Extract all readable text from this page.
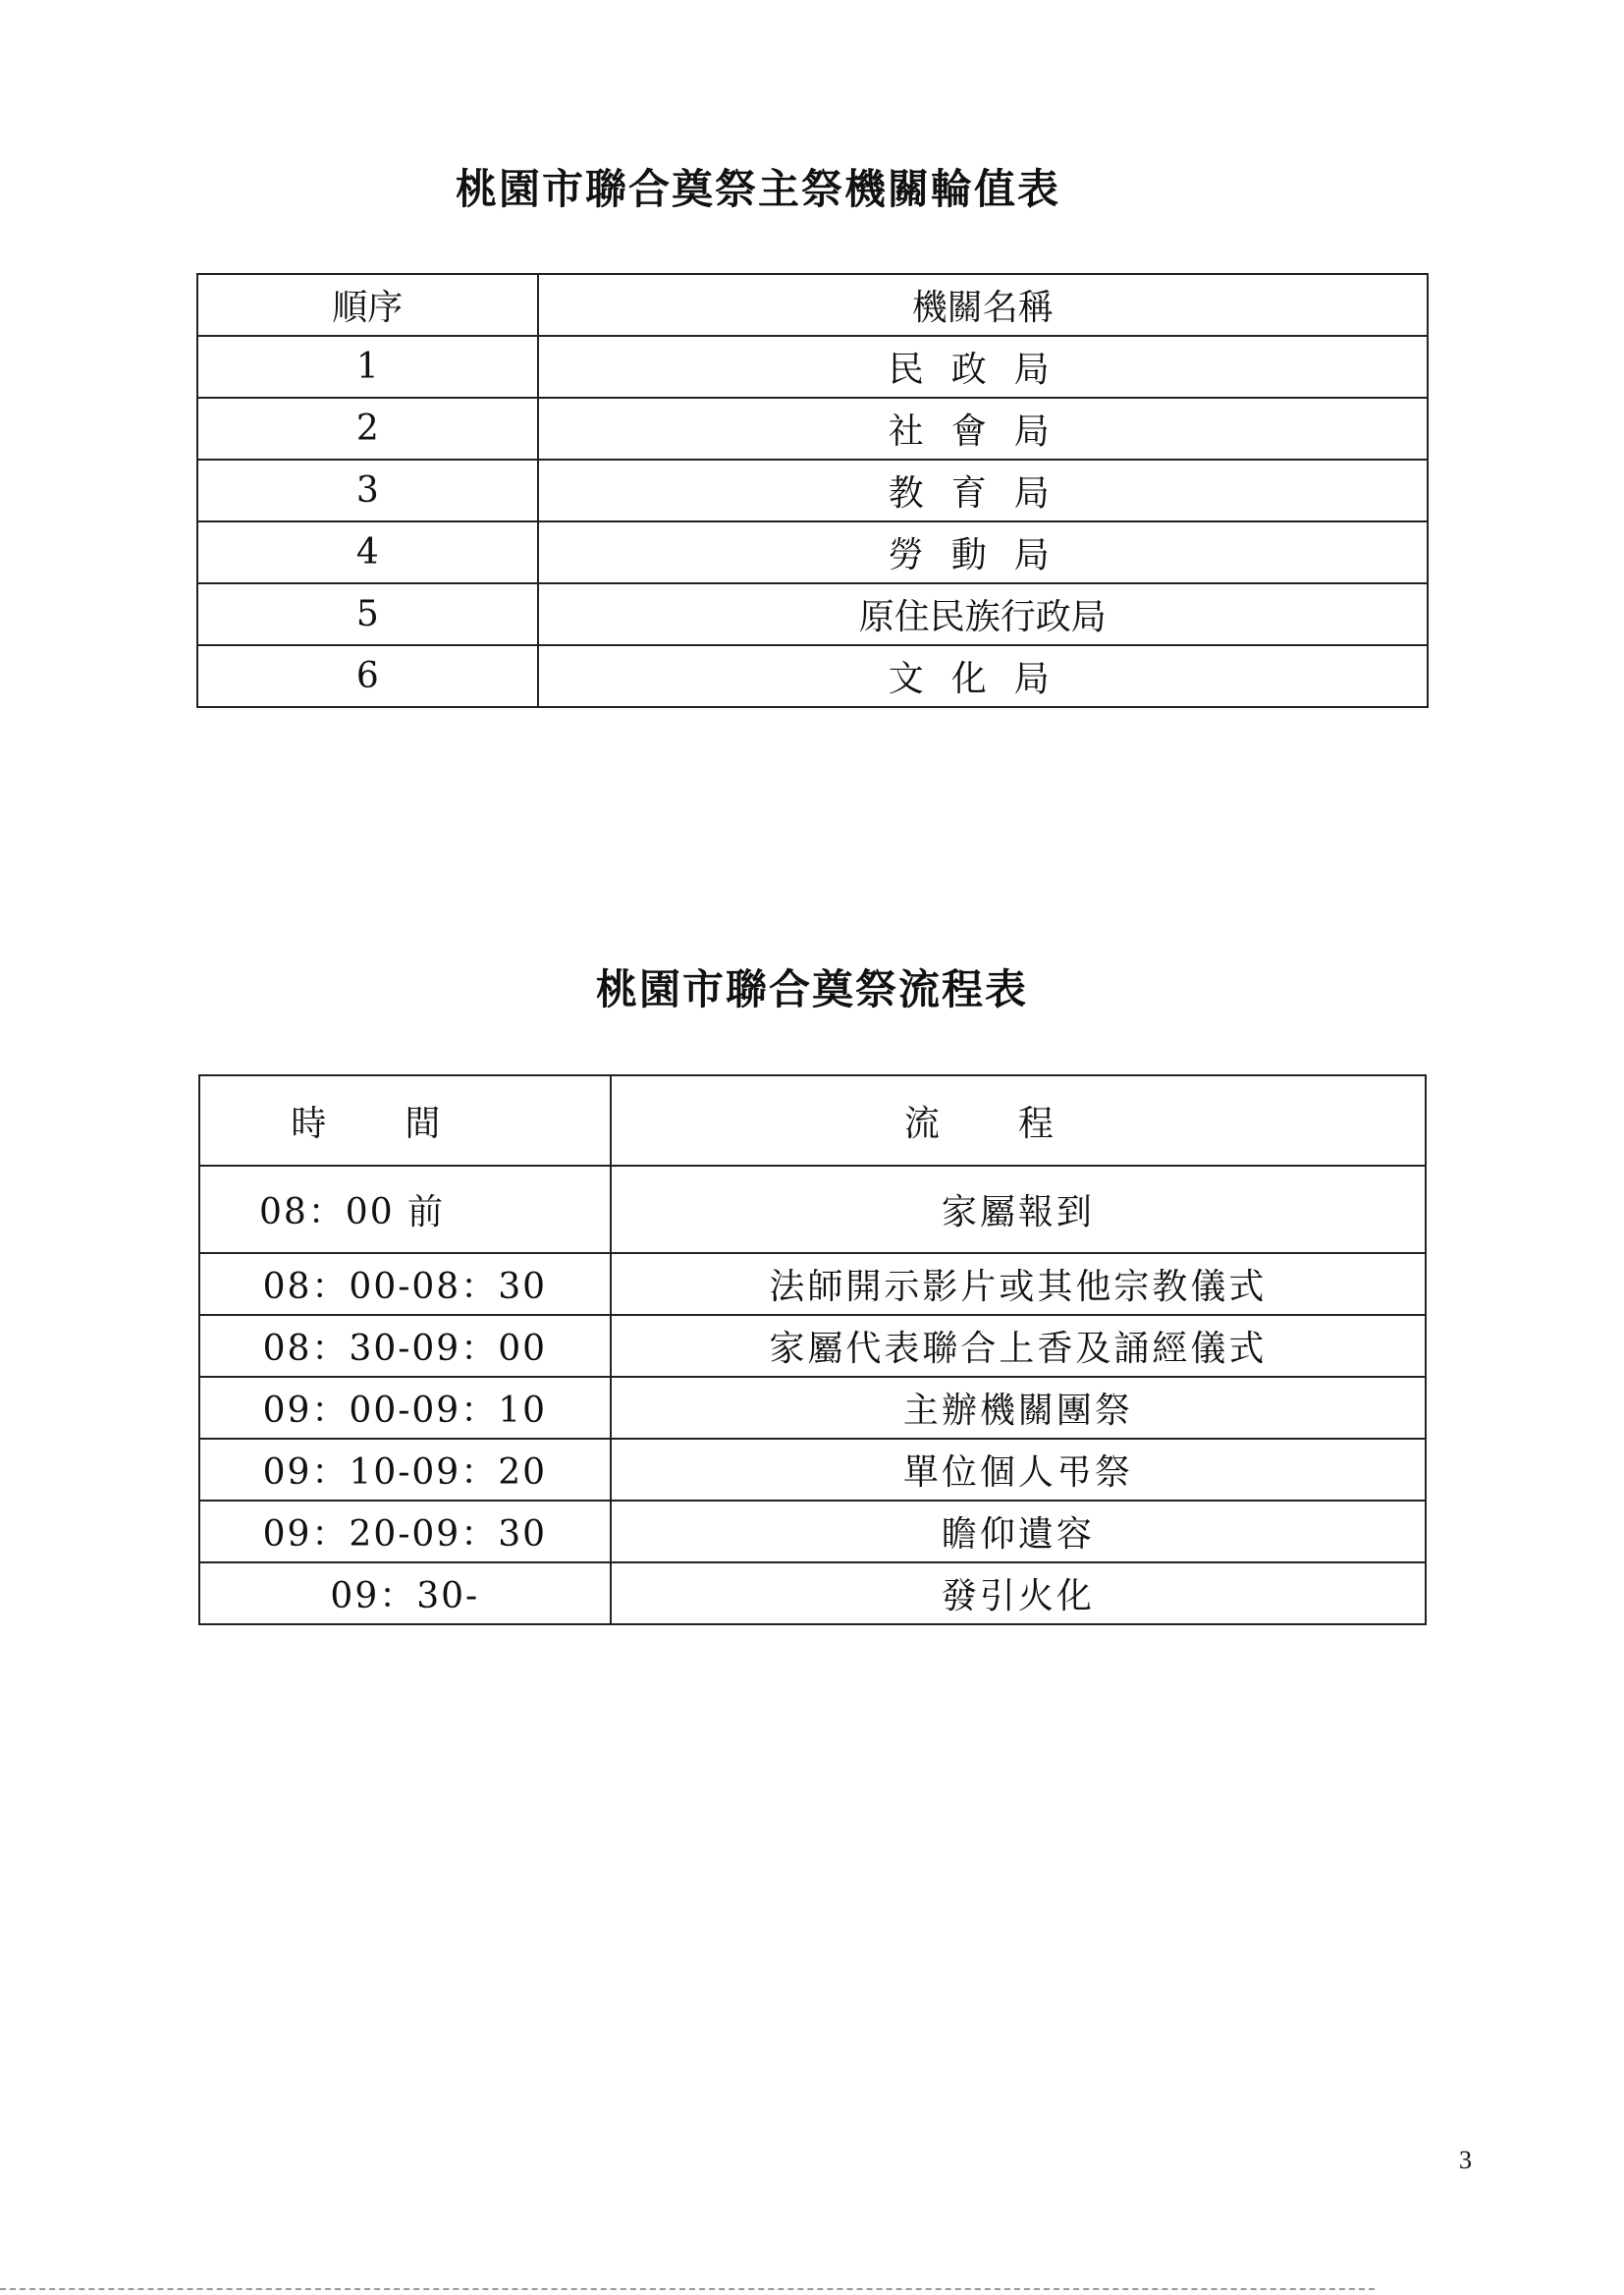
桃園市聯合奠祭主祭機關輪值表
順序	機關名稱
1	民政局
2	社會局
3	教育局
4	勞動局
5	原住民族行政局
6	文化局
桃園市聯合奠祭流程表
時間	流程
08：00 前	家屬報到
08：00-08：30	法師開示影片或其他宗教儀式
08：30-09：00	家屬代表聯合上香及誦經儀式
09：00-09：10	主辦機關團祭
09：10-09：20	單位個人弔祭
09：20-09：30	瞻仰遺容
09：30-	發引火化
3
